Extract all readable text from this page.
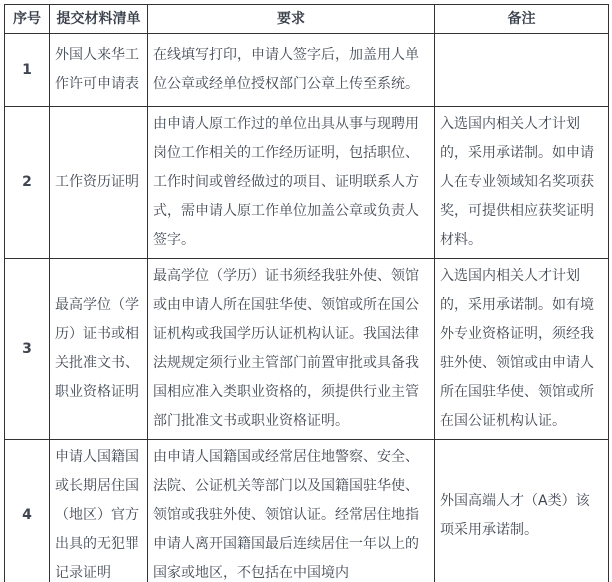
序号	提交材料清单	要求	备注
1	外国人来华工作许可申请表	在线填写打印，申请人签字后，加盖用人单位公章或经单位授权部门公章上传至系统。	
2	工作资历证明	由申请人原工作过的单位出具从事与现聘用岗位工作相关的工作经历证明，包括职位、工作时间或曾经做过的项目、证明联系人方式，需申请人原工作单位加盖公章或负责人签字。	入选国内相关人才计划的，采用承诺制。如申请人在专业领域知名奖项获奖，可提供相应获奖证明材料。
3	最高学位（学历）证书或相关批准文书、职业资格证明	最高学位（学历）证书须经我驻外使、领馆或由申请人所在国驻华使、领馆或所在国公证机构或我国学历认证机构认证。我国法律法规规定须行业主管部门前置审批或具备我国相应准入类职业资格的，须提供行业主管部门批准文书或职业资格证明。	入选国内相关人才计划的，采用承诺制。如有境外专业资格证明，须经我驻外使、领馆或由申请人所在国驻华使、领馆或所在国公证机构认证。
4	申请人国籍国或长期居住国（地区）官方出具的无犯罪记录证明	由申请人国籍国或经常居住地警察、安全、法院、公证机关等部门以及国籍国驻华使、领馆或我驻外使、领馆认证。经常居住地指申请人离开国籍国最后连续居住一年以上的国家或地区，不包括在中国境内	外国高端人才（A类）该项采用承诺制。
